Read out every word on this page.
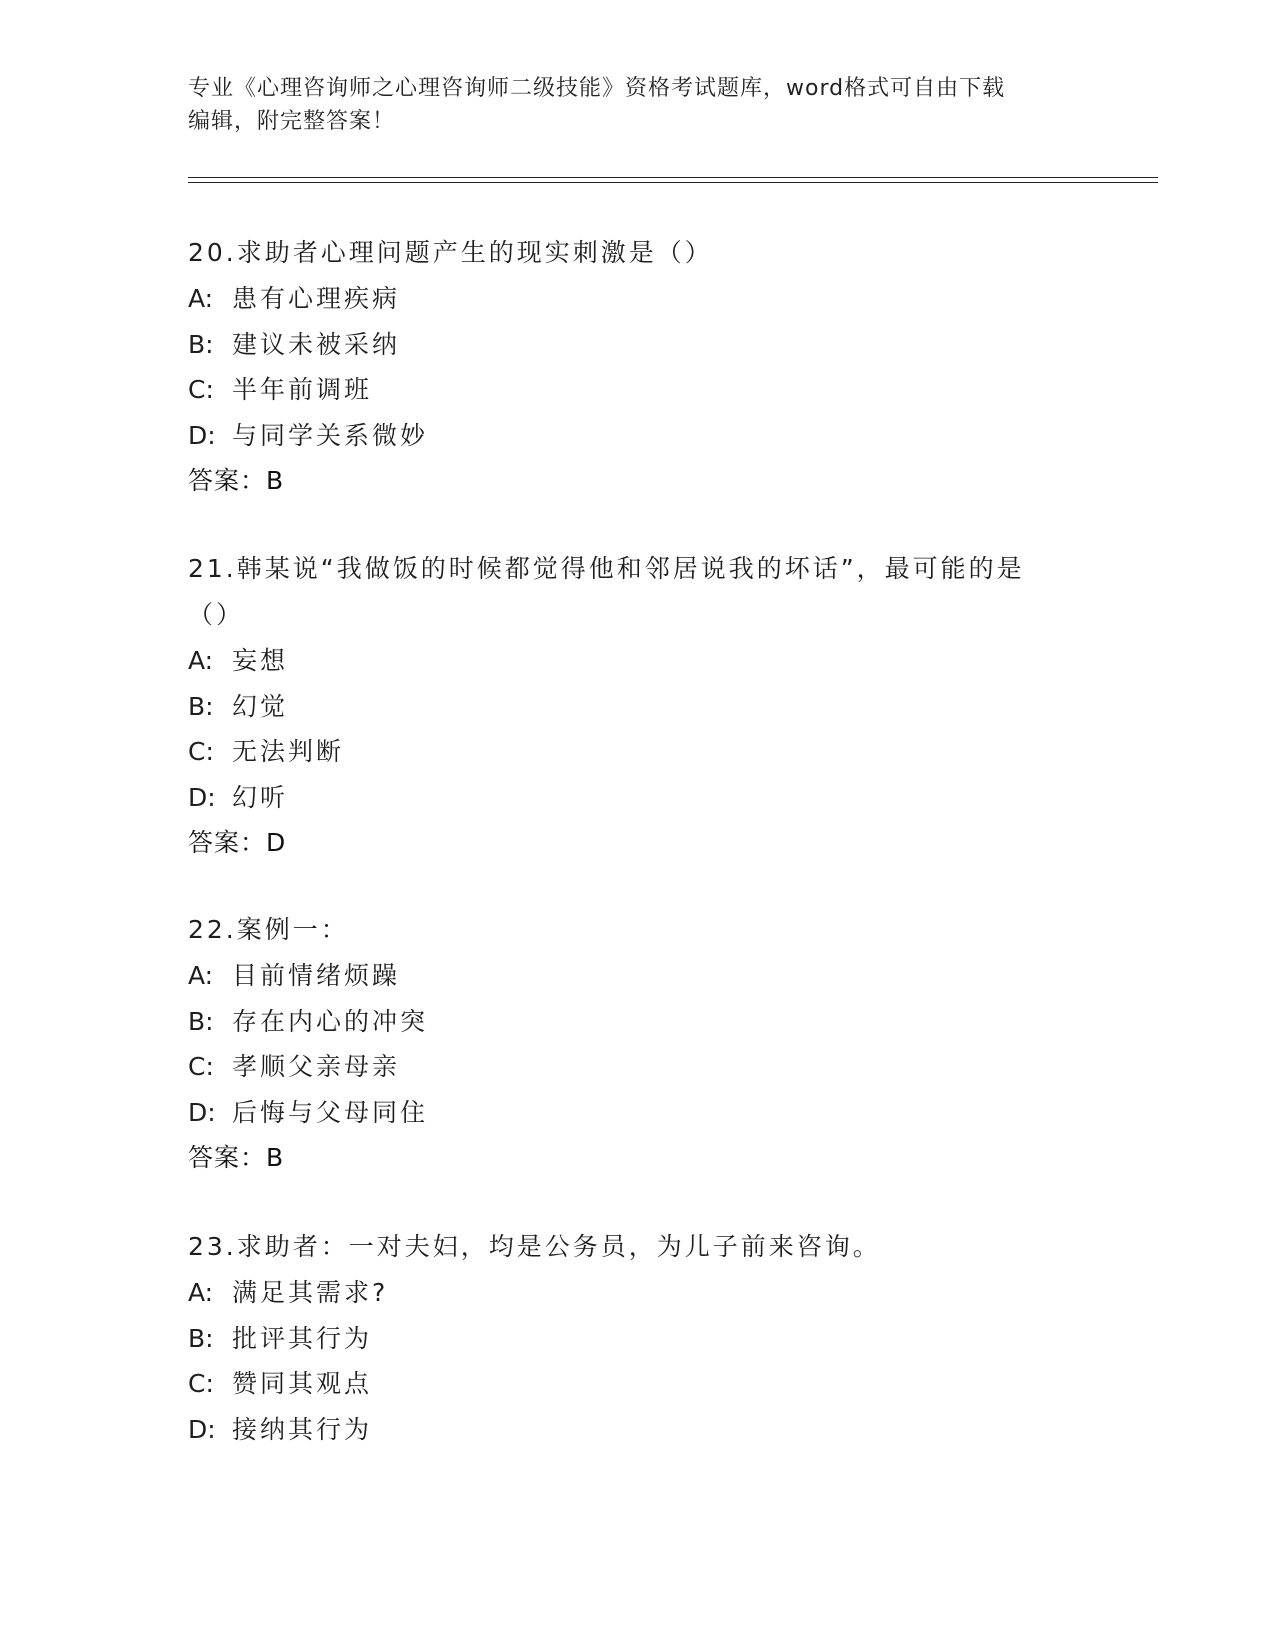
专业《心理咨询师之心理咨询师二级技能》资格考试题库，word格式可自由下载
编辑，附完整答案！

20.求助者心理问题产生的现实刺激是（）

A: 患有心理疾病

B: 建议未被采纳

C: 半年前调班

D: 与同学关系微妙

答案：B

21.韩某说“我做饭的时候都觉得他和邻居说我的坏话”，最可能的是

（）

A: 妄想

B: 幻觉

C: 无法判断

D: 幻听

答案：D

22.案例一：

A: 目前情绪烦躁

B: 存在内心的冲突

C: 孝顺父亲母亲

D: 后悔与父母同住

答案：B

23.求助者：一对夫妇，均是公务员，为儿子前来咨询。

A: 满足其需求?

B: 批评其行为

C: 赞同其观点

D: 接纳其行为
